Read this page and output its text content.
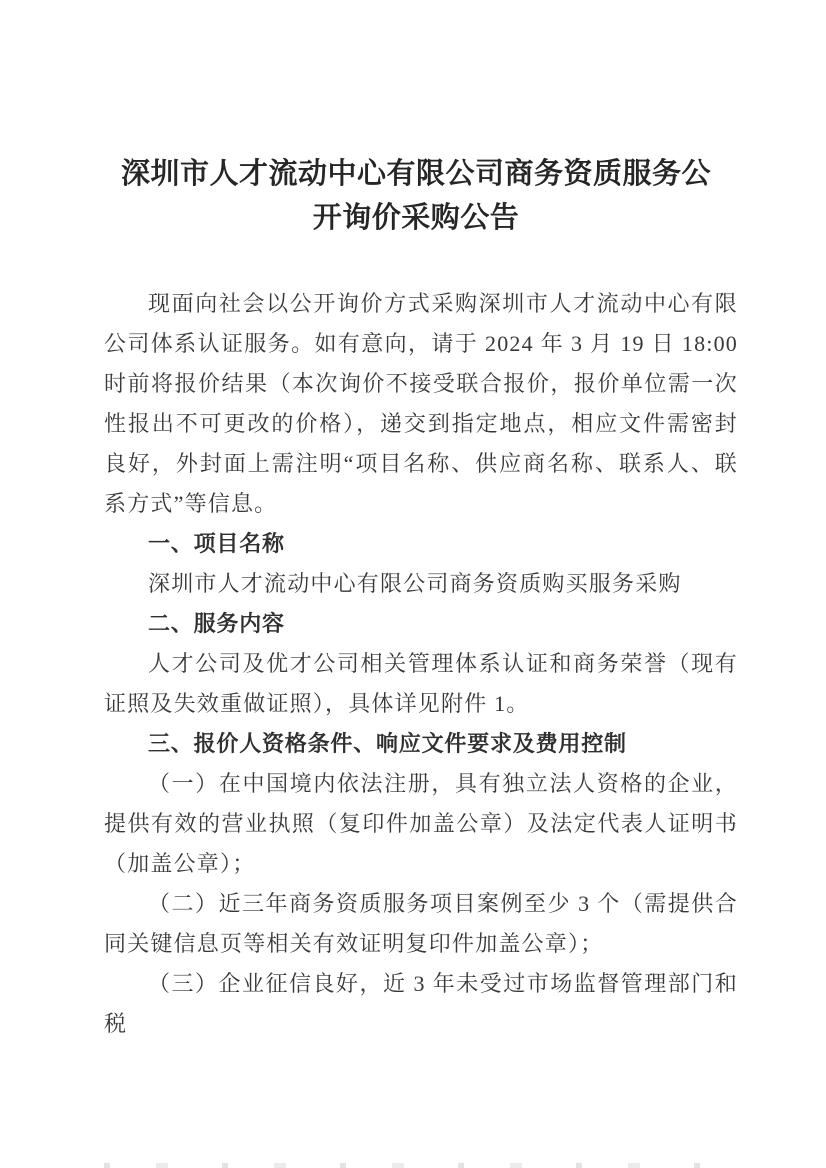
深圳市人才流动中心有限公司商务资质服务公
开询价采购公告

现面向社会以公开询价方式采购深圳市人才流动中心有限公司体系认证服务。如有意向，请于 2024 年 3 月 19 日 18:00 时前将报价结果（本次询价不接受联合报价，报价单位需一次性报出不可更改的价格），递交到指定地点，相应文件需密封良好，外封面上需注明“项目名称、供应商名称、联系人、联系方式”等信息。

一、项目名称

深圳市人才流动中心有限公司商务资质购买服务采购

二、服务内容

人才公司及优才公司相关管理体系认证和商务荣誉（现有证照及失效重做证照），具体详见附件 1。

三、报价人资格条件、响应文件要求及费用控制

（一）在中国境内依法注册，具有独立法人资格的企业，提供有效的营业执照（复印件加盖公章）及法定代表人证明书（加盖公章）；

（二）近三年商务资质服务项目案例至少 3 个（需提供合同关键信息页等相关有效证明复印件加盖公章）；

（三）企业征信良好，近 3 年未受过市场监督管理部门和税
